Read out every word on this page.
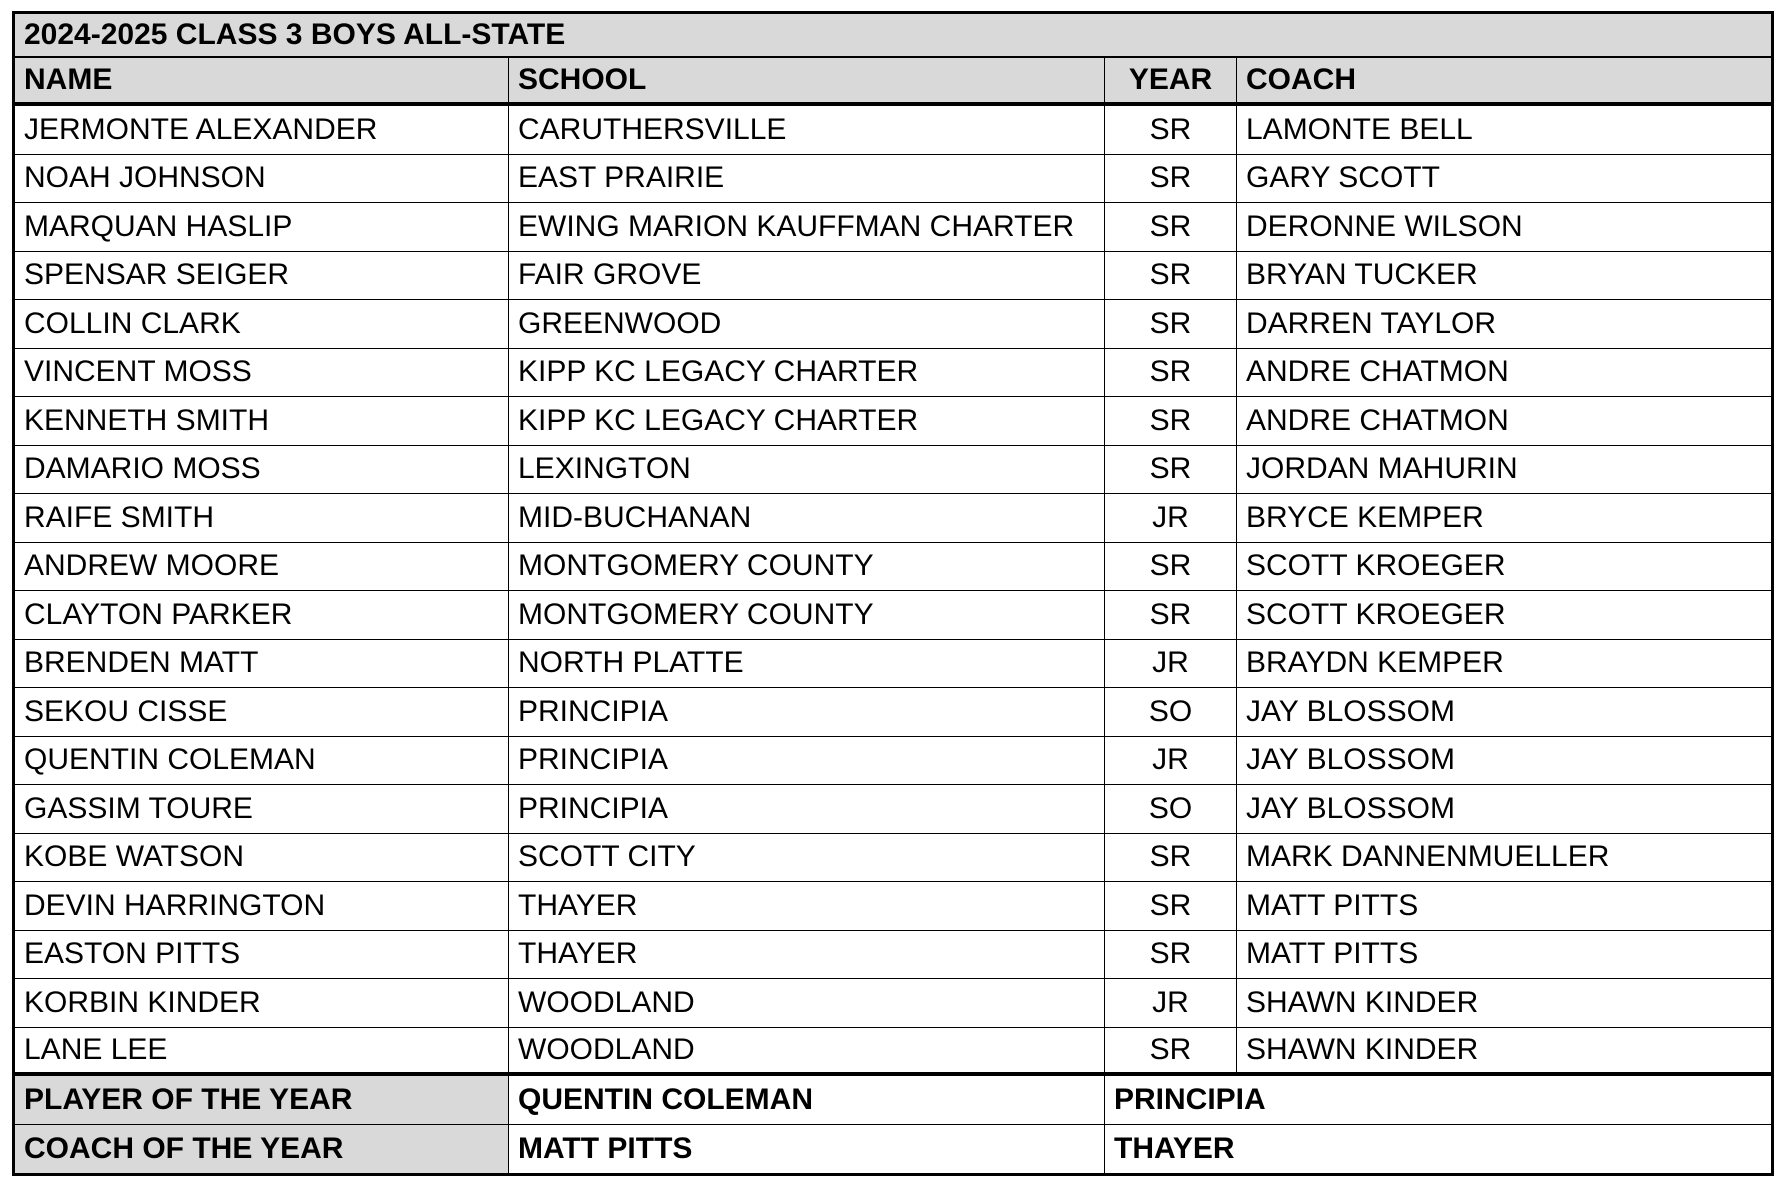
2024-2025 CLASS 3 BOYS ALL-STATE
NAME	SCHOOL	YEAR	COACH
JERMONTE ALEXANDER	CARUTHERSVILLE	SR	LAMONTE BELL
NOAH JOHNSON	EAST PRAIRIE	SR	GARY SCOTT
MARQUAN HASLIP	EWING MARION KAUFFMAN CHARTER	SR	DERONNE WILSON
SPENSAR SEIGER	FAIR GROVE	SR	BRYAN TUCKER
COLLIN CLARK	GREENWOOD	SR	DARREN TAYLOR
VINCENT MOSS	KIPP KC LEGACY CHARTER	SR	ANDRE CHATMON
KENNETH SMITH	KIPP KC LEGACY CHARTER	SR	ANDRE CHATMON
DAMARIO MOSS	LEXINGTON	SR	JORDAN MAHURIN
RAIFE SMITH	MID-BUCHANAN	JR	BRYCE KEMPER
ANDREW MOORE	MONTGOMERY COUNTY	SR	SCOTT KROEGER
CLAYTON PARKER	MONTGOMERY COUNTY	SR	SCOTT KROEGER
BRENDEN MATT	NORTH PLATTE	JR	BRAYDN KEMPER
SEKOU CISSE	PRINCIPIA	SO	JAY BLOSSOM
QUENTIN COLEMAN	PRINCIPIA	JR	JAY BLOSSOM
GASSIM TOURE	PRINCIPIA	SO	JAY BLOSSOM
KOBE WATSON	SCOTT CITY	SR	MARK DANNENMUELLER
DEVIN HARRINGTON	THAYER	SR	MATT PITTS
EASTON PITTS	THAYER	SR	MATT PITTS
KORBIN KINDER	WOODLAND	JR	SHAWN KINDER
LANE LEE	WOODLAND	SR	SHAWN KINDER
PLAYER OF THE YEAR	QUENTIN COLEMAN	PRINCIPIA
COACH OF THE YEAR	MATT PITTS	THAYER
